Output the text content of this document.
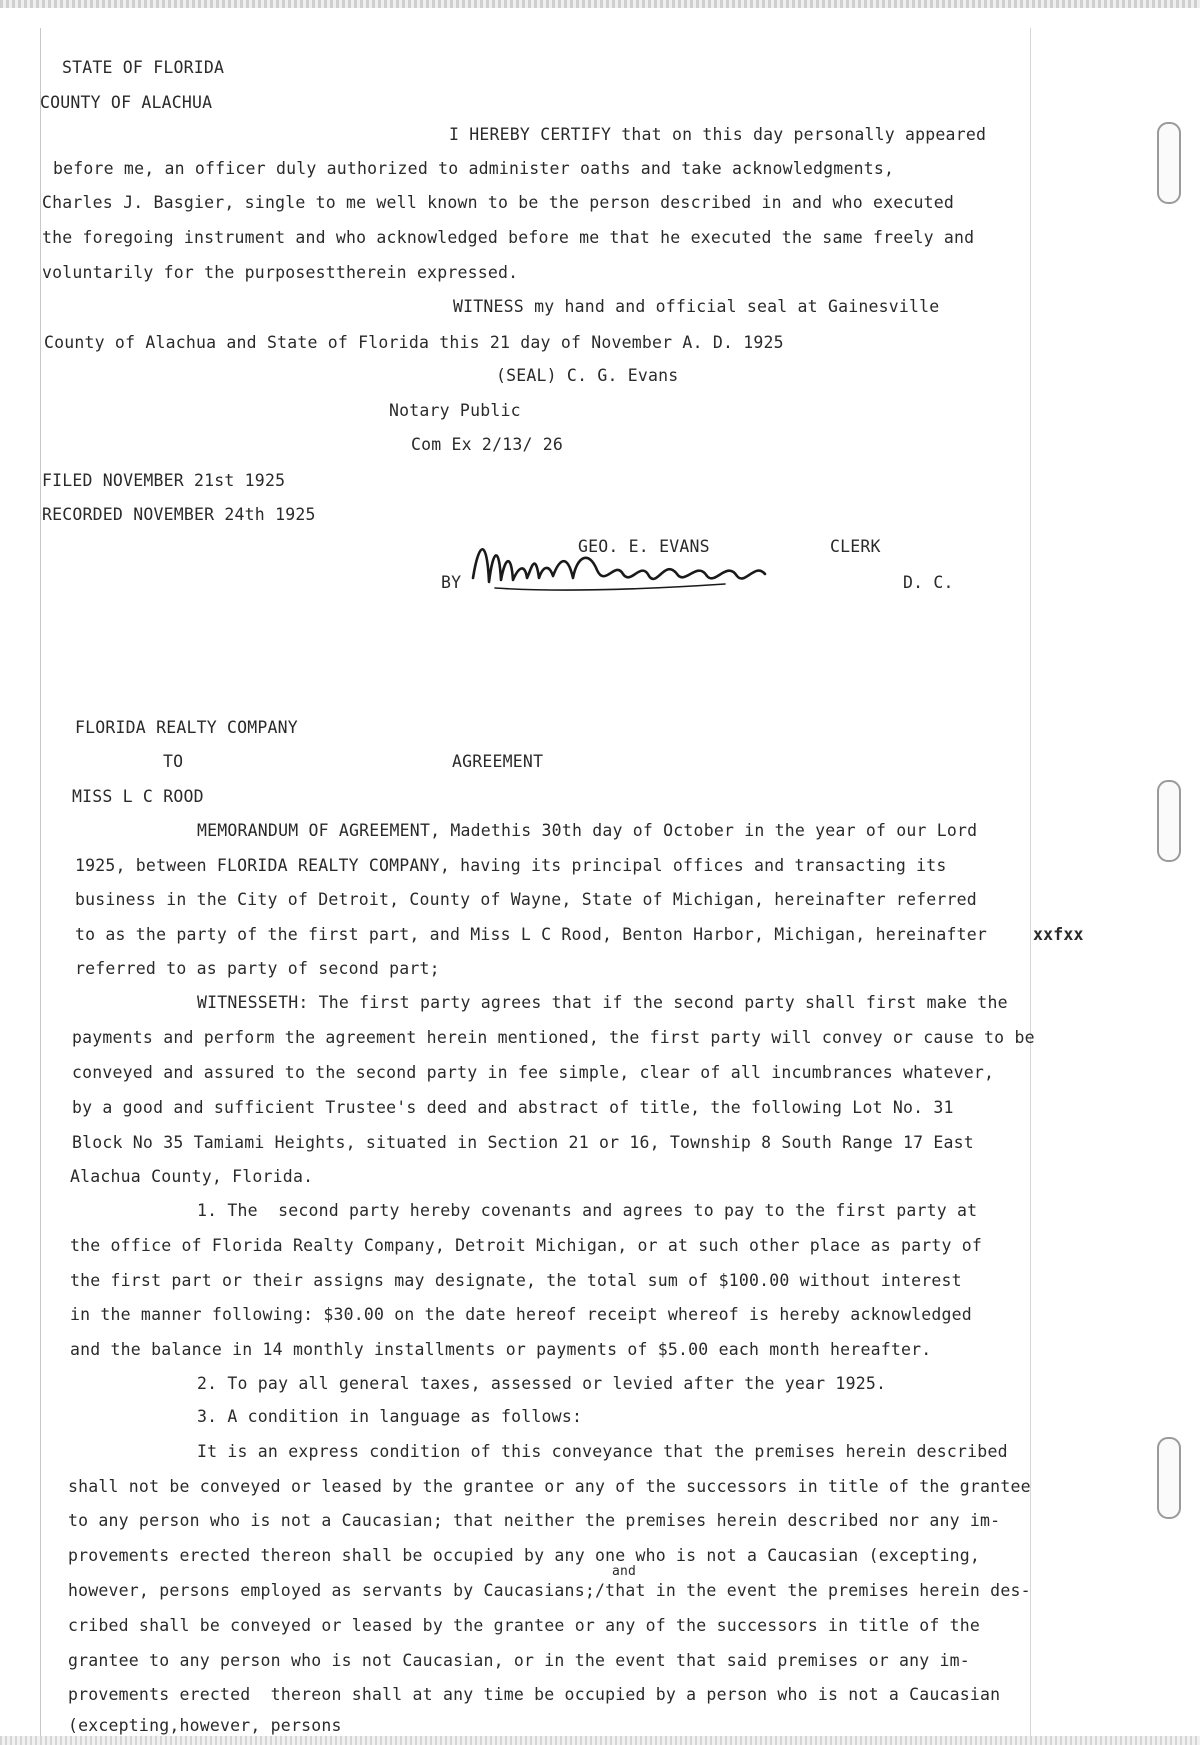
STATE OF FLORIDA

COUNTY OF ALACHUA

I HEREBY CERTIFY that on this day personally appeared

before me, an officer duly authorized to administer oaths and take acknowledgments,

Charles J. Basgier, single to me well known to be the person described in and who executed

the foregoing instrument and who acknowledged before me that he executed the same freely and

voluntarily for the purposesttherein expressed.

WITNESS my hand and official seal at Gainesville

County of Alachua and State of Florida this 21 day of November A. D. 1925

(SEAL) C. G. Evans

Notary Public

Com Ex 2/13/ 26

FILED NOVEMBER 21st 1925

RECORDED NOVEMBER 24th 1925

GEO. E. EVANS	CLERK

BY	D. C.

FLORIDA REALTY COMPANY

TO	AGREEMENT

MISS L C ROOD

MEMORANDUM OF AGREEMENT, Madethis 30th day of October in the year of our Lord

1925, between FLORIDA REALTY COMPANY, having its principal offices and transacting its

business in the City of Detroit, County of Wayne, State of Michigan, hereinafter referred

to as the party of the first part, and Miss L C Rood, Benton Harbor, Michigan, hereinafter	xxfxx

referred to as party of second part;

WITNESSETH: The first party agrees that if the second party shall first make the

payments and perform the agreement herein mentioned, the first party will convey or cause to be

conveyed and assured to the second party in fee simple, clear of all incumbrances whatever,

by a good and sufficient Trustee's deed and abstract of title, the following Lot No. 31

Block No 35 Tamiami Heights, situated in Section 21 or 16, Township 8 South Range 17 East

Alachua County, Florida.

1. The  second party hereby covenants and agrees to pay to the first party at

the office of Florida Realty Company, Detroit Michigan, or at such other place as party of

the first part or their assigns may designate, the total sum of $100.00 without interest

in the manner following: $30.00 on the date hereof receipt whereof is hereby acknowledged

and the balance in 14 monthly installments or payments of $5.00 each month hereafter.

2. To pay all general taxes, assessed or levied after the year 1925.

3. A condition in language as follows:

It is an express condition of this conveyance that the premises herein described

shall not be conveyed or leased by the grantee or any of the successors in title of the grantee

to any person who is not a Caucasian; that neither the premises herein described nor any im-

provements erected thereon shall be occupied by any one who is not a Caucasian (excepting,

and

however, persons employed as servants by Caucasians;/that in the event the premises herein des-

cribed shall be conveyed or leased by the grantee or any of the successors in title of the

grantee to any person who is not Caucasian, or in the event that said premises or any im-

provements erected  thereon shall at any time be occupied by a person who is not a Caucasian

(excepting,however, persons
